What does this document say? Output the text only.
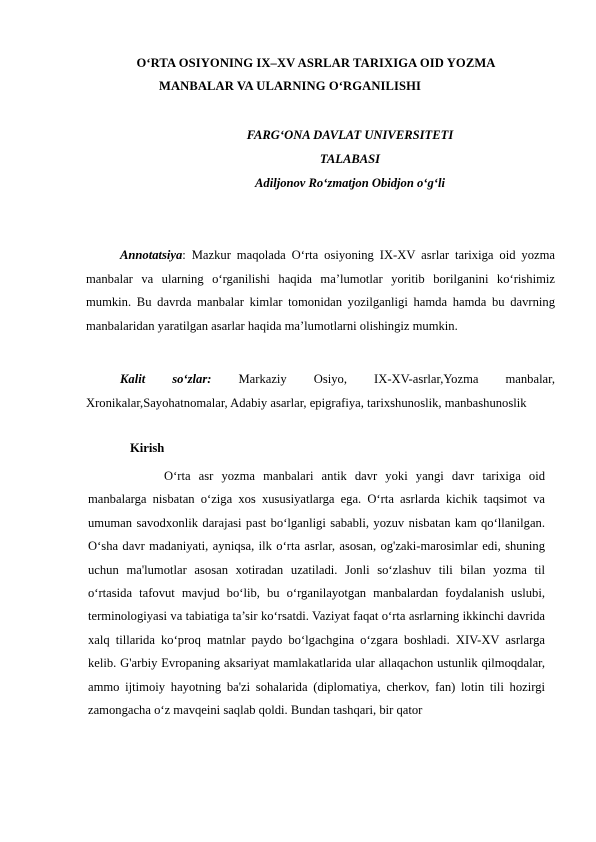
O‘RTA OSIYONING IX–XV ASRLAR TARIXIGA OID YOZMA
MANBALAR VA ULARNING O‘RGANILISHI
FARG‘ONA DAVLAT UNIVERSITETI
TALABASI
Adiljonov Ro‘zmatjon Obidjon o‘g‘li
Annotatsiya: Mazkur maqolada O‘rta osiyoning IX-XV asrlar tarixiga oid yozma manbalar va ularning o‘rganilishi haqida ma’lumotlar yoritib borilganini ko‘rishimiz mumkin. Bu davrda manbalar kimlar tomonidan yozilganligi hamda hamda bu davrning manbalaridan yaratilgan asarlar haqida ma’lumotlarni olishingiz mumkin.
Kalit so‘zlar: Markaziy Osiyo, IX-XV-asrlar,Yozma manbalar, Xronikalar,Sayohatnomalar, Adabiy asarlar, epigrafiya, tarixshunoslik, manbashunoslik
Kirish
O‘rta asr yozma manbalari antik davr yoki yangi davr tarixiga oid manbalarga nisbatan o‘ziga xos xususiyatlarga ega. O‘rta asrlarda kichik taqsimot va umuman savodxonlik darajasi past bo‘lganligi sababli, yozuv nisbatan kam qo‘llanilgan. O‘sha davr madaniyati, ayniqsa, ilk o‘rta asrlar, asosan, og'zaki-marosimlar edi, shuning uchun ma'lumotlar asosan xotiradan uzatiladi. Jonli so‘zlashuv tili bilan yozma til o‘rtasida tafovut mavjud bo‘lib, bu o‘rganilayotgan manbalardan foydalanish uslubi, terminologiyasi va tabiatiga ta’sir ko‘rsatdi. Vaziyat faqat o‘rta asrlarning ikkinchi davrida xalq tillarida ko‘proq matnlar paydo bo‘lgachgina o‘zgara boshladi. XIV-XV asrlarga kelib. G'arbiy Evropaning aksariyat mamlakatlarida ular allaqachon ustunlik qilmoqdalar, ammo ijtimoiy hayotning ba'zi sohalarida (diplomatiya, cherkov, fan) lotin tili hozirgi zamongacha o‘z mavqeini saqlab qoldi. Bundan tashqari, bir qator
